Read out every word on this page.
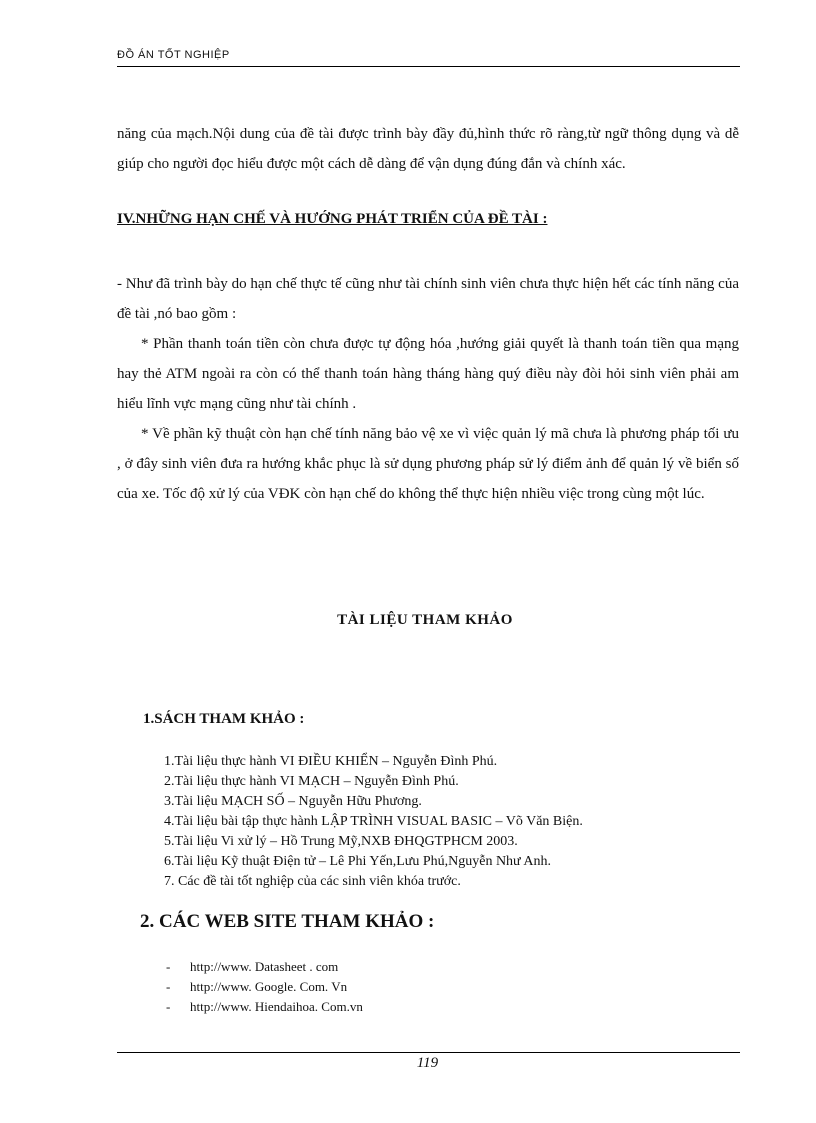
ĐỒ ÁN TỐT NGHIỆP

năng của mạch.Nội dung của đề tài được trình bày đầy đủ,hình thức rõ ràng,từ ngữ thông dụng và dễ giúp cho người đọc hiểu được một cách dễ dàng để vận dụng đúng đắn và chính xác.

IV.NHỮNG HẠN CHẾ VÀ HƯỚNG PHÁT TRIỂN CỦA ĐỀ TÀI :

- Như đã trình bày do hạn chế thực tế cũng như tài chính sinh viên chưa thực hiện hết các tính năng của đề tài ,nó bao gồm :

* Phần thanh toán tiền còn chưa được tự động hóa ,hướng giải quyết là thanh toán tiền qua mạng hay thẻ ATM ngoài ra còn có thể thanh toán hàng tháng hàng quý điều này đòi hỏi sinh viên phải am hiểu lĩnh vực mạng cũng như tài chính .

* Về phần kỹ thuật còn hạn chế tính năng bảo vệ xe vì việc quản lý mã chưa là phương pháp tối ưu , ở đây sinh viên đưa ra hướng khắc phục là sử dụng phương pháp sử lý điểm ảnh để quản lý về biển số của xe. Tốc độ xử lý của VĐK còn hạn chế do không thể thực hiện nhiều việc trong cùng một lúc.

TÀI LIỆU THAM KHẢO
1.SÁCH THAM KHẢO :
1.Tài liệu thực hành VI ĐIỀU KHIỂN – Nguyễn Đình Phú.
2.Tài liệu thực hành VI MẠCH – Nguyễn Đình Phú.
3.Tài liệu MẠCH SỐ – Nguyễn Hữu Phương.
4.Tài liệu bài tập thực hành LẬP TRÌNH VISUAL BASIC – Võ Văn Biện.
5.Tài liệu Vi xử lý – Hồ Trung Mỹ,NXB ĐHQGTPHCM 2003.
6.Tài liệu Kỹ thuật Điện tử – Lê Phi Yến,Lưu Phú,Nguyễn Như Anh.
7. Các đề tài tốt nghiệp của các sinh viên khóa trước.
2. CÁC WEB SITE THAM KHẢO :
- http://www. Datasheet . com
- http://www. Google. Com. Vn
- http://www. Hiendaihoa. Com.vn
119
